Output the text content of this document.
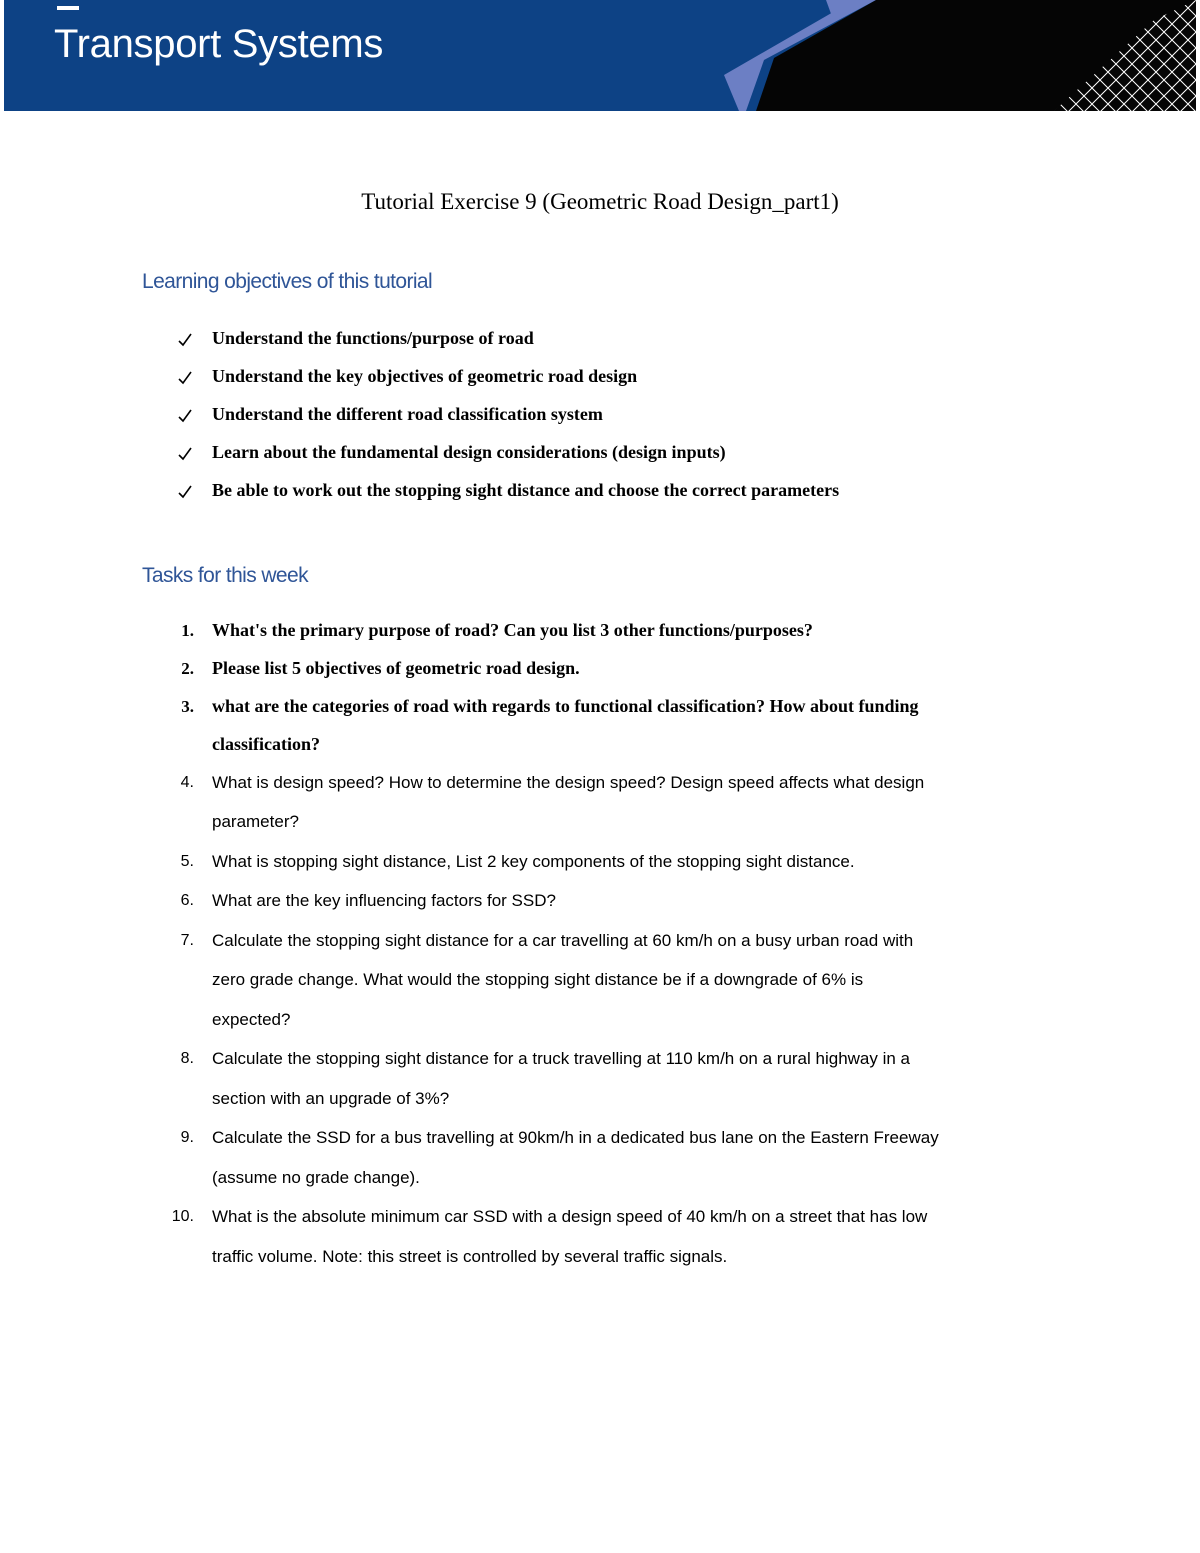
Transport Systems
Tutorial Exercise 9 (Geometric Road Design_part1)
Learning objectives of this tutorial
Understand the functions/purpose of road
Understand the key objectives of geometric road design
Understand the different road classification system
Learn about the fundamental design considerations (design inputs)
Be able to work out the stopping sight distance and choose the correct parameters
Tasks for this week
1. What's the primary purpose of road? Can you list 3 other functions/purposes?
2. Please list 5 objectives of geometric road design.
3. what are the categories of road with regards to functional classification? How about funding
classification?
4. What is design speed? How to determine the design speed? Design speed affects what design
parameter?
5. What is stopping sight distance, List 2 key components of the stopping sight distance.
6. What are the key influencing factors for SSD?
7. Calculate the stopping sight distance for a car travelling at 60 km/h on a busy urban road with
zero grade change. What would the stopping sight distance be if a downgrade of 6% is
expected?
8. Calculate the stopping sight distance for a truck travelling at 110 km/h on a rural highway in a
section with an upgrade of 3%?
9. Calculate the SSD for a bus travelling at 90km/h in a dedicated bus lane on the Eastern Freeway
(assume no grade change).
10. What is the absolute minimum car SSD with a design speed of 40 km/h on a street that has low
traffic volume. Note: this street is controlled by several traffic signals.
